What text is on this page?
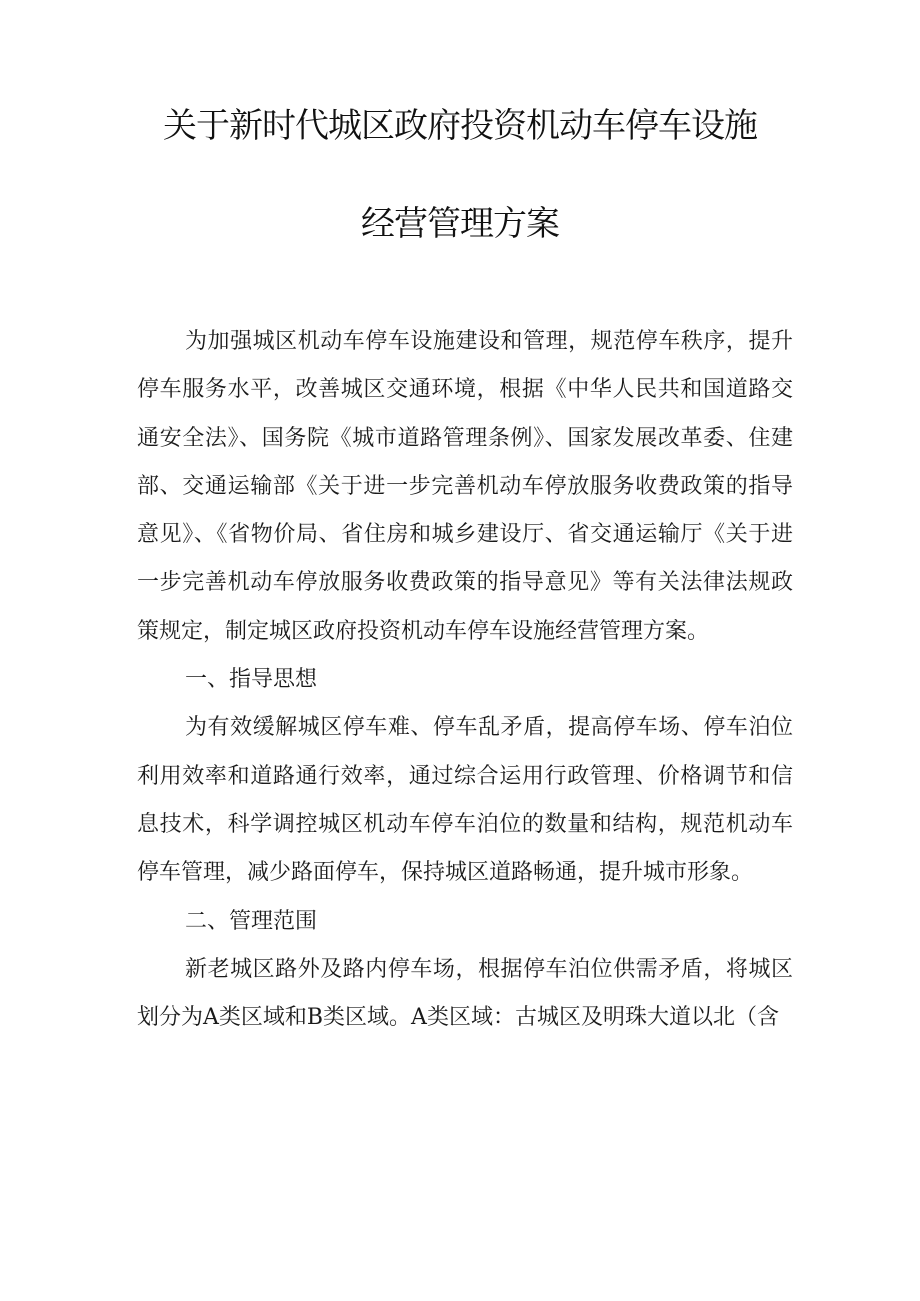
关于新时代城区政府投资机动车停车设施
经营管理方案

为加强城区机动车停车设施建设和管理，规范停车秩序，提升停车服务水平，改善城区交通环境，根据《中华人民共和国道路交通安全法》、国务院《城市道路管理条例》、国家发展改革委、住建部、交通运输部《关于进一步完善机动车停放服务收费政策的指导意见》、《省物价局、省住房和城乡建设厅、省交通运输厅《关于进一步完善机动车停放服务收费政策的指导意见》等有关法律法规政策规定，制定城区政府投资机动车停车设施经营管理方案。

一、指导思想

为有效缓解城区停车难、停车乱矛盾，提高停车场、停车泊位利用效率和道路通行效率，通过综合运用行政管理、价格调节和信息技术，科学调控城区机动车停车泊位的数量和结构，规范机动车停车管理，减少路面停车，保持城区道路畅通，提升城市形象。

二、管理范围

新老城区路外及路内停车场，根据停车泊位供需矛盾，将城区划分为A类区域和B类区域。A类区域：古城区及明珠大道以北（含
